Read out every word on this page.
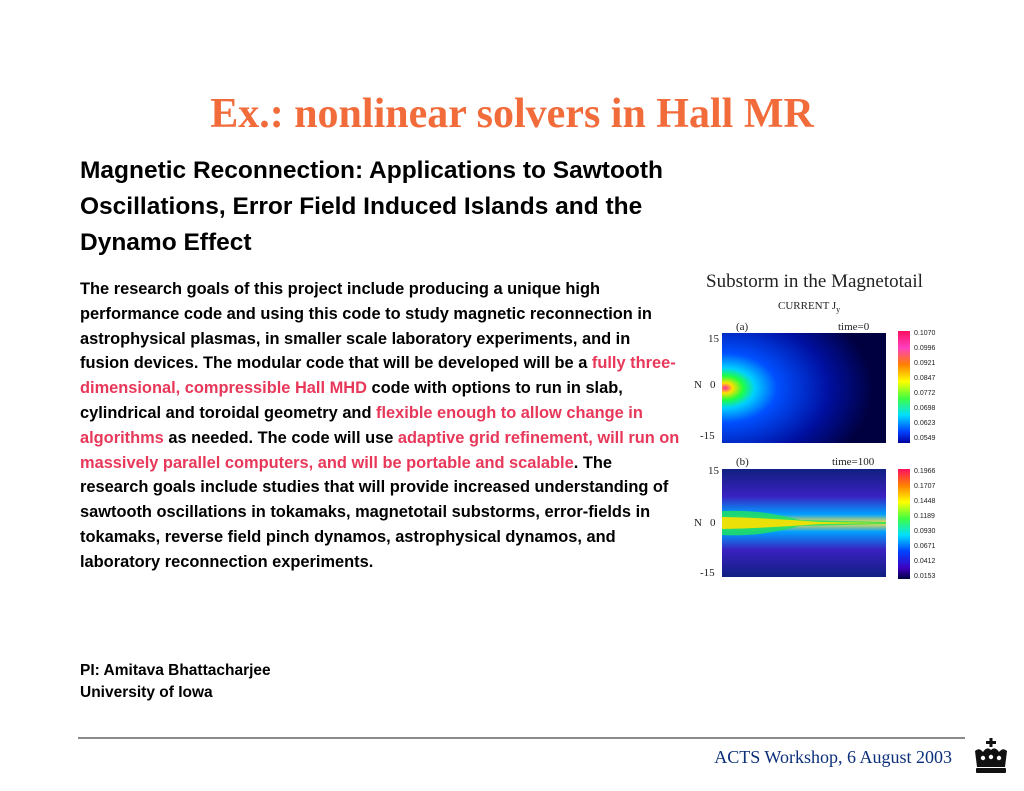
Ex.: nonlinear solvers in Hall MR
Magnetic Reconnection: Applications to Sawtooth Oscillations, Error Field Induced Islands and the Dynamo Effect
The research goals of this project include producing a unique high performance code and using this code to study magnetic reconnection in astrophysical plasmas, in smaller scale laboratory experiments, and in fusion devices. The modular code that will be developed will be a fully three-dimensional, compressible Hall MHD code with options to run in slab, cylindrical and toroidal geometry and flexible enough to allow change in algorithms as needed. The code will use adaptive grid refinement, will run on massively parallel computers, and will be portable and scalable. The research goals include studies that will provide increased understanding of sawtooth oscillations in tokamaks, magnetotail substorms, error-fields in tokamaks, reverse field pinch dynamos, astrophysical dynamos, and laboratory reconnection experiments.
PI: Amitava Bhattacharjee
University of Iowa
Substorm in the Magnetotail
CURRENT $J_y$
(a)	time=0
15
N 0
-15
0.1070
0.0996
0.0921
0.0847
0.0772
0.0698
0.0623
0.0549
(b)	time=100
15
N 0
-15
0.1966
0.1707
0.1448
0.1189
0.0930
0.0671
0.0412
0.0153
ACTS Workshop, 6 August 2003
